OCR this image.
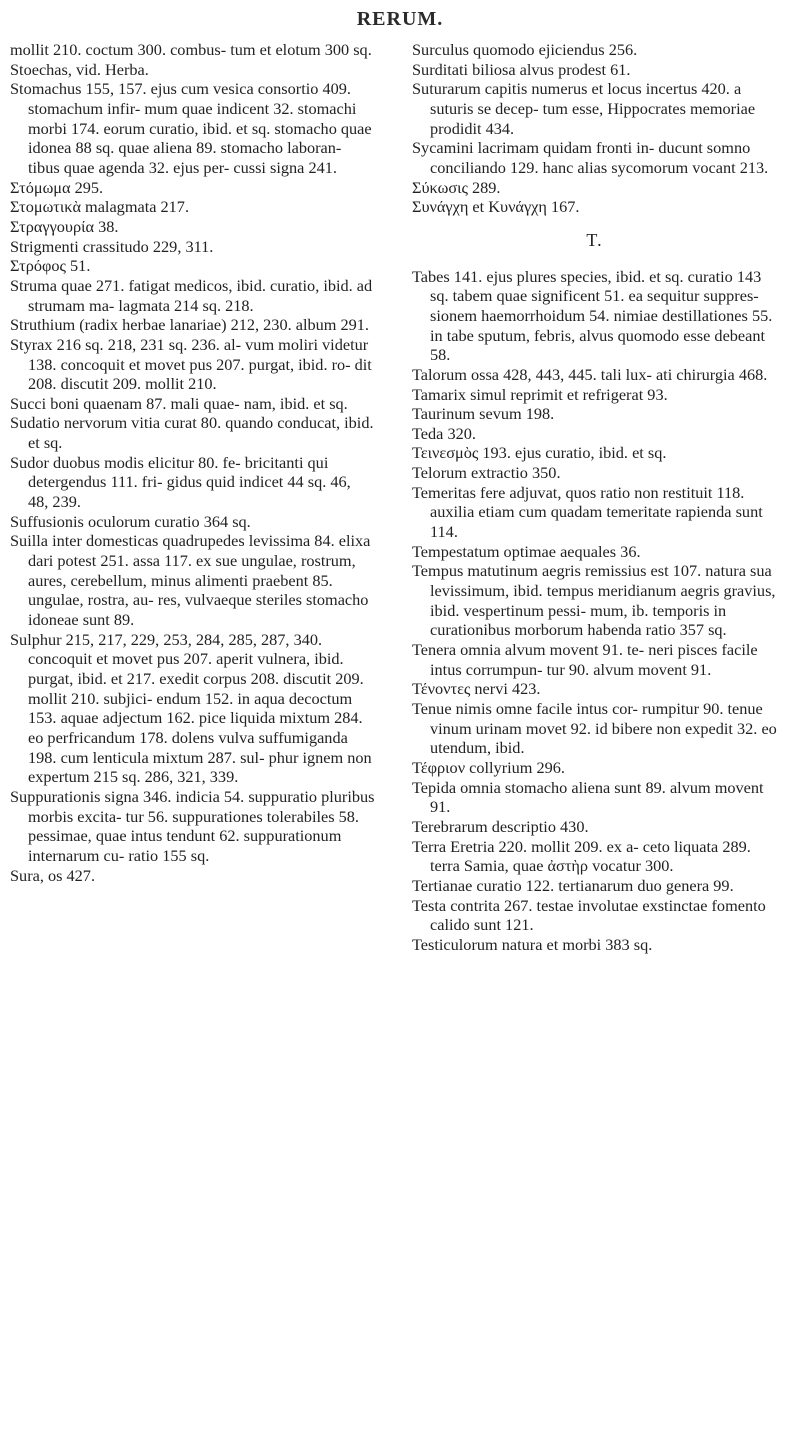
RERUM.

mollit 210. coctum 300. combus- tum et elotum 300 sq.

Stoechas, vid. Herba.

Stomachus 155, 157. ejus cum vesica consortio 409. stomachum infir- mum quae indicent 32. stomachi morbi 174. eorum curatio, ibid. et sq. stomacho quae idonea 88 sq. quae aliena 89. stomacho laboran- tibus quae agenda 32. ejus per- cussi signa 241.

Στόμωμα 295.

Στομωτικὰ malagmata 217.

Στραγγουρία 38.

Strigmenti crassitudo 229, 311.

Στρόφος 51.

Struma quae 271. fatigat medicos, ibid. curatio, ibid. ad strumam ma- lagmata 214 sq. 218.

Struthium (radix herbae lanariae) 212, 230. album 291.

Styrax 216 sq. 218, 231 sq. 236. al- vum moliri videtur 138. concoquit et movet pus 207. purgat, ibid. ro- dit 208. discutit 209. mollit 210.

Succi boni quaenam 87. mali quae- nam, ibid. et sq.

Sudatio nervorum vitia curat 80. quando conducat, ibid. et sq.

Sudor duobus modis elicitur 80. fe- bricitanti qui detergendus 111. fri- gidus quid indicet 44 sq. 46, 48, 239.

Suffusionis oculorum curatio 364 sq.

Suilla inter domesticas quadrupedes levissima 84. elixa dari potest 251. assa 117. ex sue ungulae, rostrum, aures, cerebellum, minus alimenti praebent 85. ungulae, rostra, au- res, vulvaeque steriles stomacho idoneae sunt 89.

Sulphur 215, 217, 229, 253, 284, 285, 287, 340. concoquit et movet pus 207. aperit vulnera, ibid. purgat, ibid. et 217. exedit corpus 208. discutit 209. mollit 210. subjici- endum 152. in aqua decoctum 153. aquae adjectum 162. pice liquida mixtum 284. eo perfricandum 178. dolens vulva suffumiganda 198. cum lenticula mixtum 287. sul- phur ignem non expertum 215 sq. 286, 321, 339.

Suppurationis signa 346. indicia 54. suppuratio pluribus morbis excita- tur 56. suppurationes tolerabiles 58. pessimae, quae intus tendunt 62. suppurationum internarum cu- ratio 155 sq.

Sura, os 427.

Surculus quomodo ejiciendus 256.

Surditati biliosa alvus prodest 61.

Suturarum capitis numerus et locus incertus 420. a suturis se decep- tum esse, Hippocrates memoriae prodidit 434.

Sycamini lacrimam quidam fronti in- ducunt somno conciliando 129. hanc alias sycomorum vocant 213.

Σύκωσις 289.

Συνάγχη et Κυνάγχη 167.

T.

Tabes 141. ejus plures species, ibid. et sq. curatio 143 sq. tabem quae significent 51. ea sequitur suppres- sionem haemorrhoidum 54. nimiae destillationes 55. in tabe sputum, febris, alvus quomodo esse debeant 58.

Talorum ossa 428, 443, 445. tali lux- ati chirurgia 468.

Tamarix simul reprimit et refrigerat 93.

Taurinum sevum 198.

Teda 320.

Τεινεσμὸς 193. ejus curatio, ibid. et sq.

Telorum extractio 350.

Temeritas fere adjuvat, quos ratio non restituit 118. auxilia etiam cum quadam temeritate rapienda sunt 114.

Tempestatum optimae aequales 36.

Tempus matutinum aegris remissius est 107. natura sua levissimum, ibid. tempus meridianum aegris gravius, ibid. vespertinum pessi- mum, ib. temporis in curationibus morborum habenda ratio 357 sq.

Tenera omnia alvum movent 91. te- neri pisces facile intus corrumpun- tur 90. alvum movent 91.

Τένοντες nervi 423.

Tenue nimis omne facile intus cor- rumpitur 90. tenue vinum urinam movet 92. id bibere non expedit 32. eo utendum, ibid.

Τέφριον collyrium 296.

Tepida omnia stomacho aliena sunt 89. alvum movent 91.

Terebrarum descriptio 430.

Terra Eretria 220. mollit 209. ex a- ceto liquata 289. terra Samia, quae ἀστὴρ vocatur 300.

Tertianae curatio 122. tertianarum duo genera 99.

Testa contrita 267. testae involutae exstinctae fomento calido sunt 121.

Testiculorum natura et morbi 383 sq.
